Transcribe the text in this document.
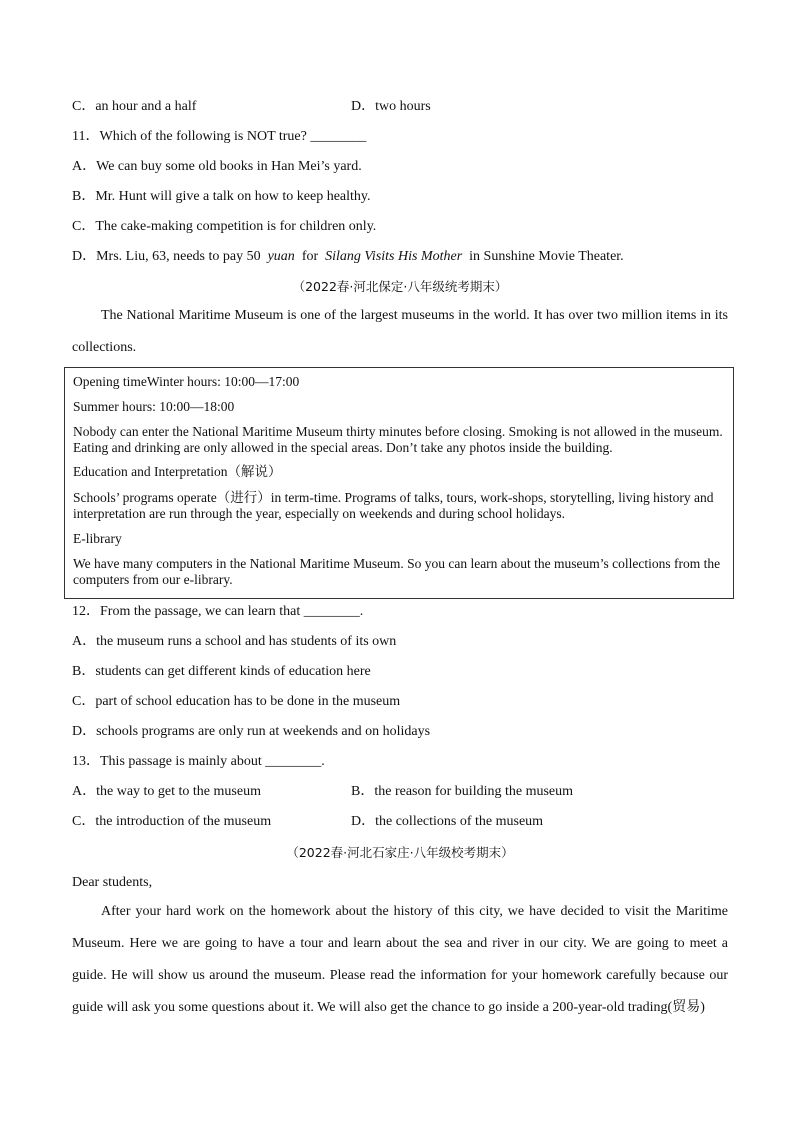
C．an hour and a half	D．two hours
11．Which of the following is NOT true? ________
A．We can buy some old books in Han Mei’s yard.
B．Mr. Hunt will give a talk on how to keep healthy.
C．The cake-making competition is for children only.
D．Mrs. Liu, 63, needs to pay 50 yuan for Silang Visits His Mother in Sunshine Movie Theater.
（2022春·河北保定·八年级统考期末）
The National Maritime Museum is one of the largest museums in the world. It has over two million items in its collections.
Opening timeWinter hours: 10:00—17:00
Summer hours: 10:00—18:00
Nobody can enter the National Maritime Museum thirty minutes before closing. Smoking is not allowed in the museum. Eating and drinking are only allowed in the special areas. Don’t take any photos inside the building.
Education and Interpretation（解说）
Schools’ programs operate（进行）in term-time. Programs of talks, tours, work-shops, storytelling, living history and interpretation are run through the year, especially on weekends and during school holidays.
E-library
We have many computers in the National Maritime Museum. So you can learn about the museum’s collections from the computers from our e-library.
12．From the passage, we can learn that ________.
A．the museum runs a school and has students of its own
B．students can get different kinds of education here
C．part of school education has to be done in the museum
D．schools programs are only run at weekends and on holidays
13．This passage is mainly about ________.
A．the way to get to the museum	B．the reason for building the museum
C．the introduction of the museum	D．the collections of the museum
（2022春·河北石家庄·八年级校考期末）
Dear students,
After your hard work on the homework about the history of this city, we have decided to visit the Maritime Museum. Here we are going to have a tour and learn about the sea and river in our city. We are going to meet a guide. He will show us around the museum. Please read the information for your homework carefully because our guide will ask you some questions about it. We will also get the chance to go inside a 200-year-old trading(贸易)
